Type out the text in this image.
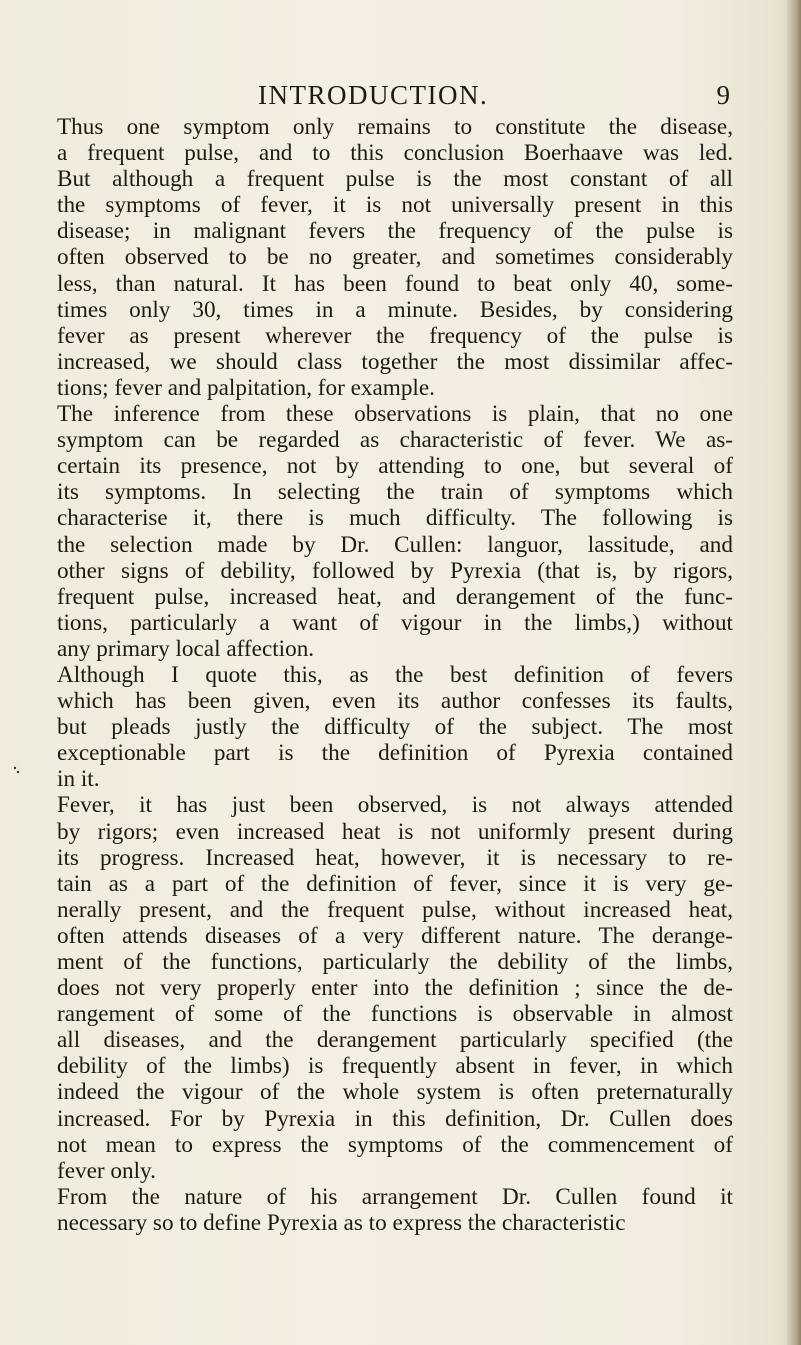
INTRODUCTION.	9
Thus one symptom only remains to constitute the disease,
a frequent pulse, and to this conclusion Boerhaave was led.
But although a frequent pulse is the most constant of all
the symptoms of fever, it is not universally present in this
disease; in malignant fevers the frequency of the pulse is
often observed to be no greater, and sometimes considerably
less, than natural. It has been found to beat only 40, some-
times only 30, times in a minute. Besides, by considering
fever as present wherever the frequency of the pulse is
increased, we should class together the most dissimilar affec-
tions; fever and palpitation, for example.
The inference from these observations is plain, that no one
symptom can be regarded as characteristic of fever. We as-
certain its presence, not by attending to one, but several of
its symptoms. In selecting the train of symptoms which
characterise it, there is much difficulty. The following is
the selection made by Dr. Cullen: languor, lassitude, and
other signs of debility, followed by Pyrexia (that is, by rigors,
frequent pulse, increased heat, and derangement of the func-
tions, particularly a want of vigour in the limbs,) without
any primary local affection.
Although I quote this, as the best definition of fevers
which has been given, even its author confesses its faults,
but pleads justly the difficulty of the subject. The most
exceptionable part is the definition of Pyrexia contained
in it.
Fever, it has just been observed, is not always attended
by rigors; even increased heat is not uniformly present during
its progress. Increased heat, however, it is necessary to re-
tain as a part of the definition of fever, since it is very ge-
nerally present, and the frequent pulse, without increased heat,
often attends diseases of a very different nature. The derange-
ment of the functions, particularly the debility of the limbs,
does not very properly enter into the definition ; since the de-
rangement of some of the functions is observable in almost
all diseases, and the derangement particularly specified (the
debility of the limbs) is frequently absent in fever, in which
indeed the vigour of the whole system is often preternaturally
increased. For by Pyrexia in this definition, Dr. Cullen does
not mean to express the symptoms of the commencement of
fever only.
From the nature of his arrangement Dr. Cullen found it
necessary so to define Pyrexia as to express the characteristic
